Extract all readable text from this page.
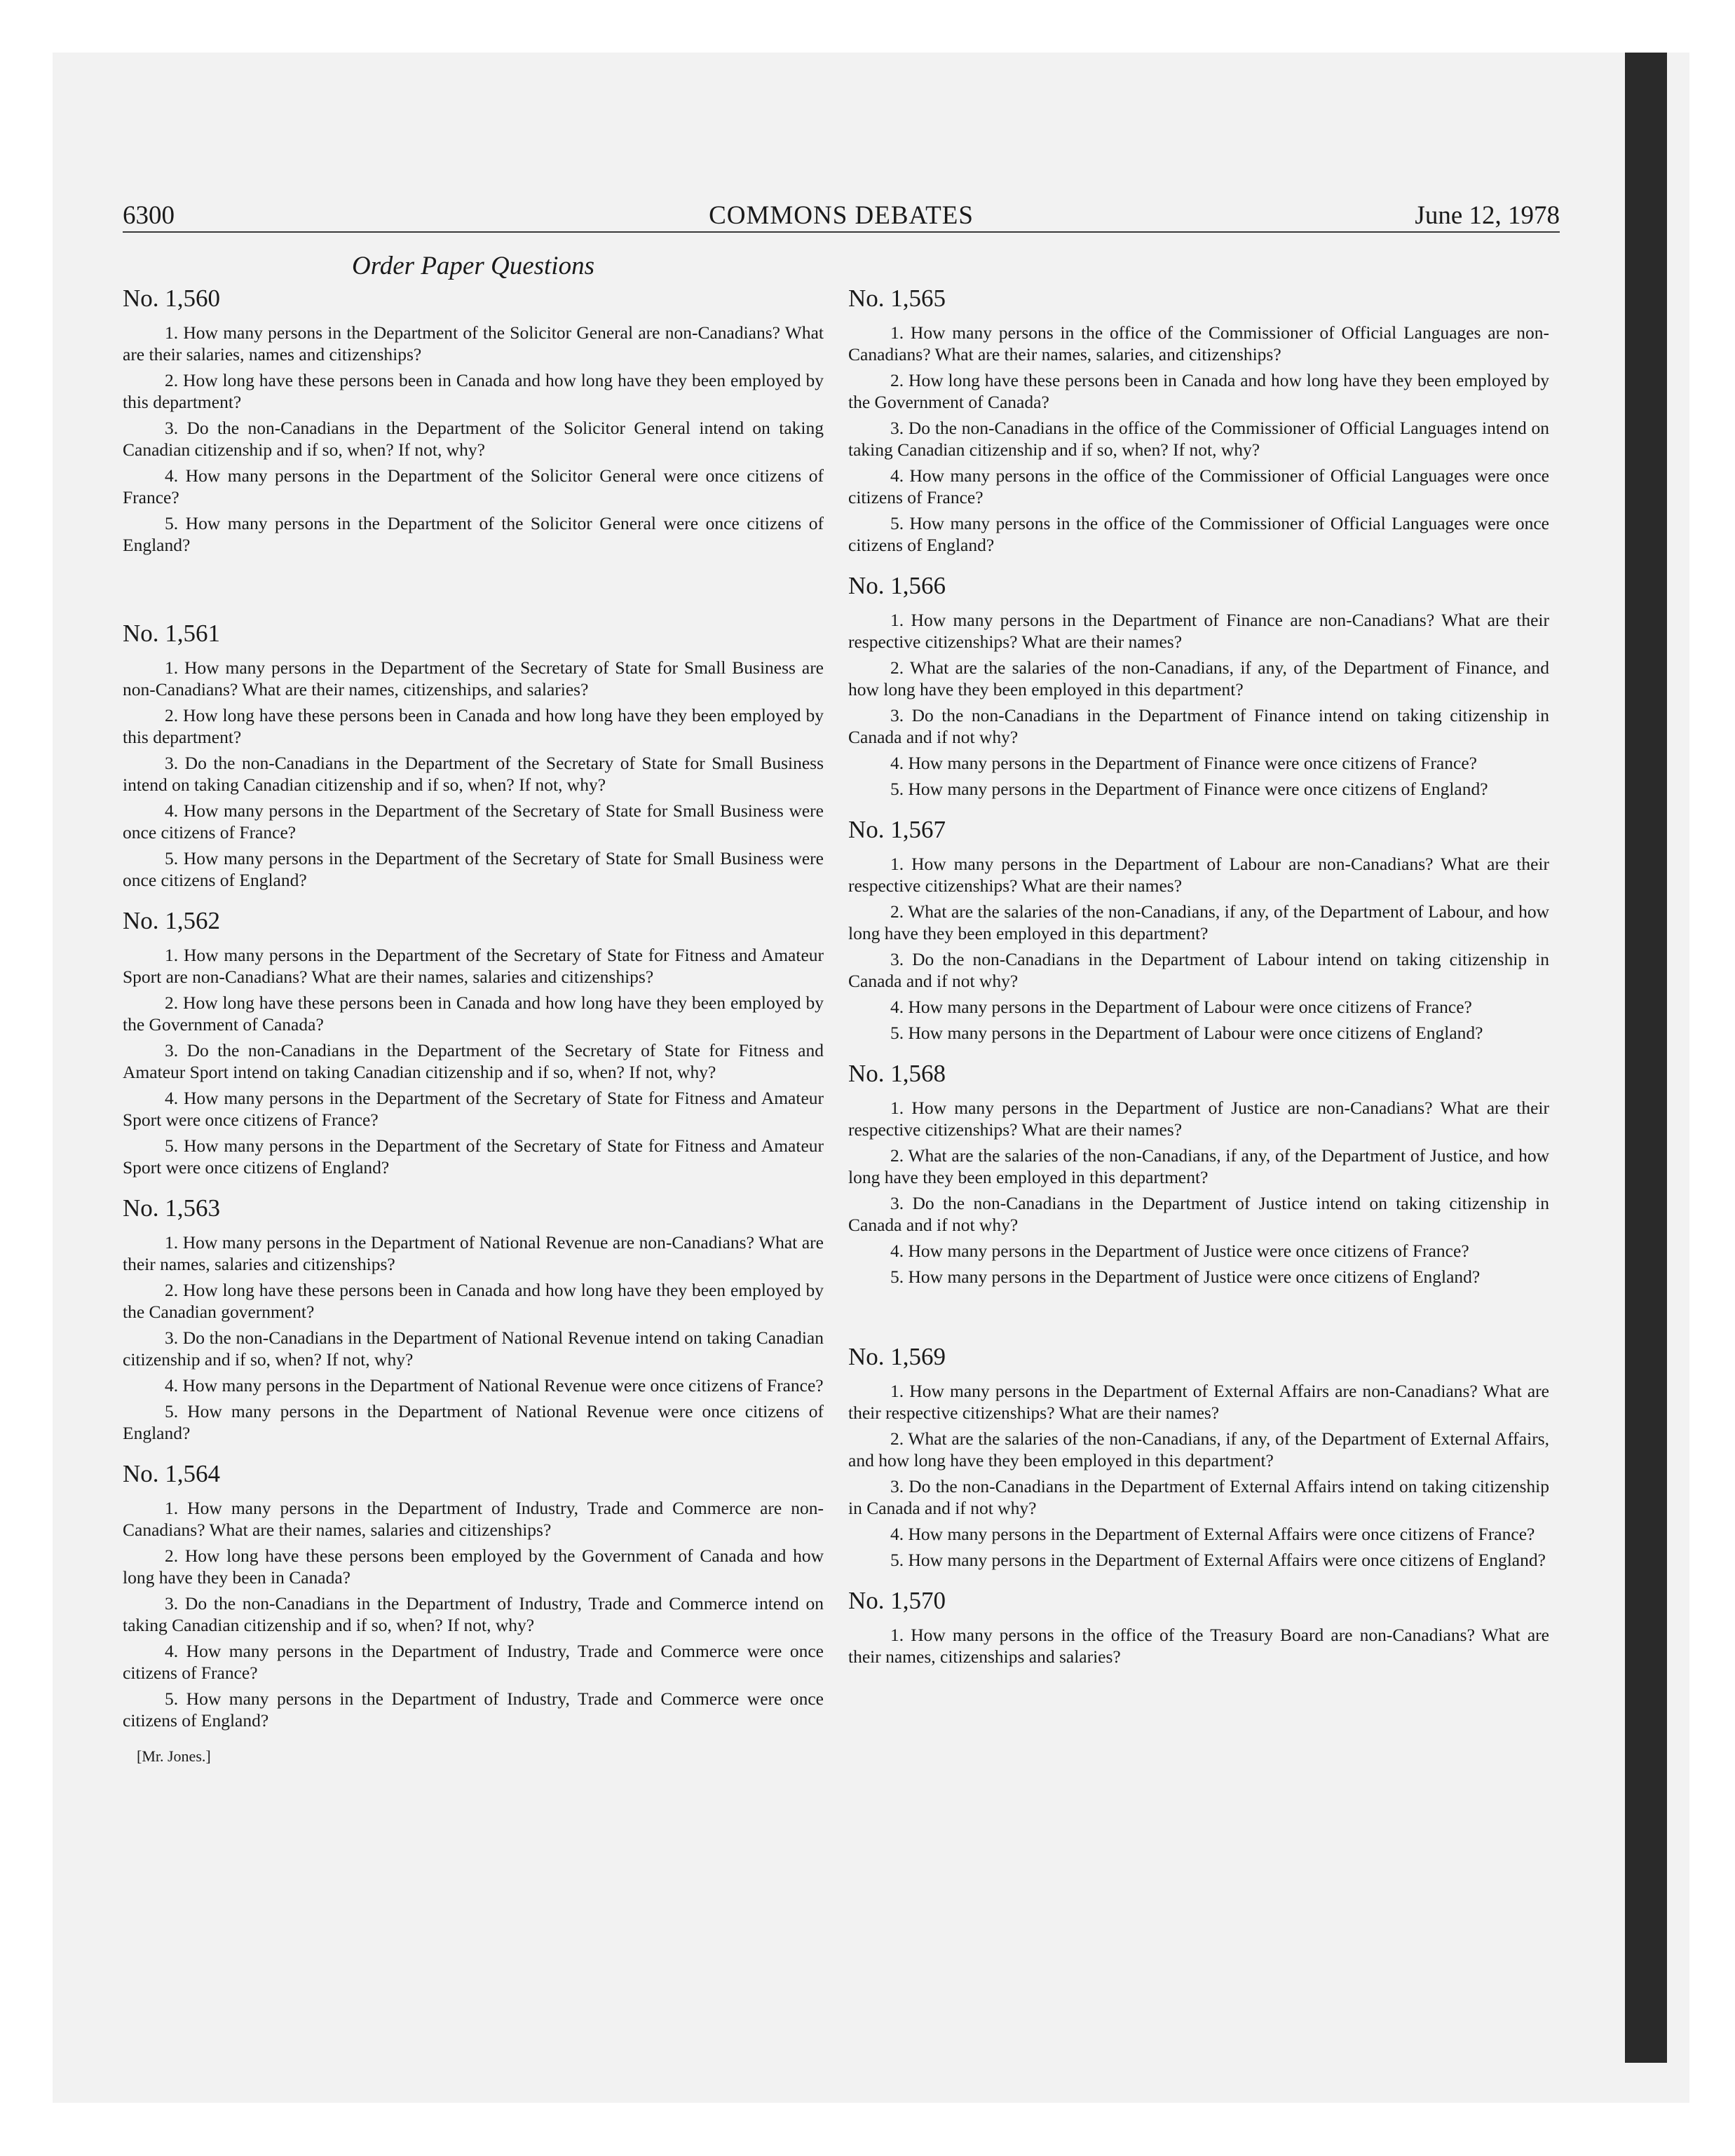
6300	COMMONS DEBATES	June 12, 1978
Order Paper Questions
No. 1,560

1. How many persons in the Department of the Solicitor General are non-Canadians? What are their salaries, names and citizenships?

2. How long have these persons been in Canada and how long have they been employed by this department?

3. Do the non-Canadians in the Department of the Solicitor General intend on taking Canadian citizenship and if so, when? If not, why?

4. How many persons in the Department of the Solicitor General were once citizens of France?

5. How many persons in the Department of the Solicitor General were once citizens of England?

No. 1,561

1. How many persons in the Department of the Secretary of State for Small Business are non-Canadians? What are their names, citizenships, and salaries?

2. How long have these persons been in Canada and how long have they been employed by this department?

3. Do the non-Canadians in the Department of the Secretary of State for Small Business intend on taking Canadian citizenship and if so, when? If not, why?

4. How many persons in the Department of the Secretary of State for Small Business were once citizens of France?

5. How many persons in the Department of the Secretary of State for Small Business were once citizens of England?

No. 1,562

1. How many persons in the Department of the Secretary of State for Fitness and Amateur Sport are non-Canadians? What are their names, salaries and citizenships?

2. How long have these persons been in Canada and how long have they been employed by the Government of Canada?

3. Do the non-Canadians in the Department of the Secretary of State for Fitness and Amateur Sport intend on taking Canadian citizenship and if so, when? If not, why?

4. How many persons in the Department of the Secretary of State for Fitness and Amateur Sport were once citizens of France?

5. How many persons in the Department of the Secretary of State for Fitness and Amateur Sport were once citizens of England?

No. 1,563

1. How many persons in the Department of National Revenue are non-Canadians? What are their names, salaries and citizenships?

2. How long have these persons been in Canada and how long have they been employed by the Canadian government?

3. Do the non-Canadians in the Department of National Revenue intend on taking Canadian citizenship and if so, when? If not, why?

4. How many persons in the Department of National Revenue were once citizens of France?

5. How many persons in the Department of National Revenue were once citizens of England?

No. 1,564

1. How many persons in the Department of Industry, Trade and Commerce are non-Canadians? What are their names, salaries and citizenships?

2. How long have these persons been employed by the Government of Canada and how long have they been in Canada?

3. Do the non-Canadians in the Department of Industry, Trade and Commerce intend on taking Canadian citizenship and if so, when? If not, why?

4. How many persons in the Department of Industry, Trade and Commerce were once citizens of France?

5. How many persons in the Department of Industry, Trade and Commerce were once citizens of England?

[Mr. Jones.]
No. 1,565

1. How many persons in the office of the Commissioner of Official Languages are non-Canadians? What are their names, salaries, and citizenships?

2. How long have these persons been in Canada and how long have they been employed by the Government of Canada?

3. Do the non-Canadians in the office of the Commissioner of Official Languages intend on taking Canadian citizenship and if so, when? If not, why?

4. How many persons in the office of the Commissioner of Official Languages were once citizens of France?

5. How many persons in the office of the Commissioner of Official Languages were once citizens of England?

No. 1,566

1. How many persons in the Department of Finance are non-Canadians? What are their respective citizenships? What are their names?

2. What are the salaries of the non-Canadians, if any, of the Department of Finance, and how long have they been employed in this department?

3. Do the non-Canadians in the Department of Finance intend on taking citizenship in Canada and if not why?

4. How many persons in the Department of Finance were once citizens of France?

5. How many persons in the Department of Finance were once citizens of England?

No. 1,567

1. How many persons in the Department of Labour are non-Canadians? What are their respective citizenships? What are their names?

2. What are the salaries of the non-Canadians, if any, of the Department of Labour, and how long have they been employed in this department?

3. Do the non-Canadians in the Department of Labour intend on taking citizenship in Canada and if not why?

4. How many persons in the Department of Labour were once citizens of France?

5. How many persons in the Department of Labour were once citizens of England?

No. 1,568

1. How many persons in the Department of Justice are non-Canadians? What are their respective citizenships? What are their names?

2. What are the salaries of the non-Canadians, if any, of the Department of Justice, and how long have they been employed in this department?

3. Do the non-Canadians in the Department of Justice intend on taking citizenship in Canada and if not why?

4. How many persons in the Department of Justice were once citizens of France?

5. How many persons in the Department of Justice were once citizens of England?

No. 1,569

1. How many persons in the Department of External Affairs are non-Canadians? What are their respective citizenships? What are their names?

2. What are the salaries of the non-Canadians, if any, of the Department of External Affairs, and how long have they been employed in this department?

3. Do the non-Canadians in the Department of External Affairs intend on taking citizenship in Canada and if not why?

4. How many persons in the Department of External Affairs were once citizens of France?

5. How many persons in the Department of External Affairs were once citizens of England?

No. 1,570

1. How many persons in the office of the Treasury Board are non-Canadians? What are their names, citizenships and salaries?
